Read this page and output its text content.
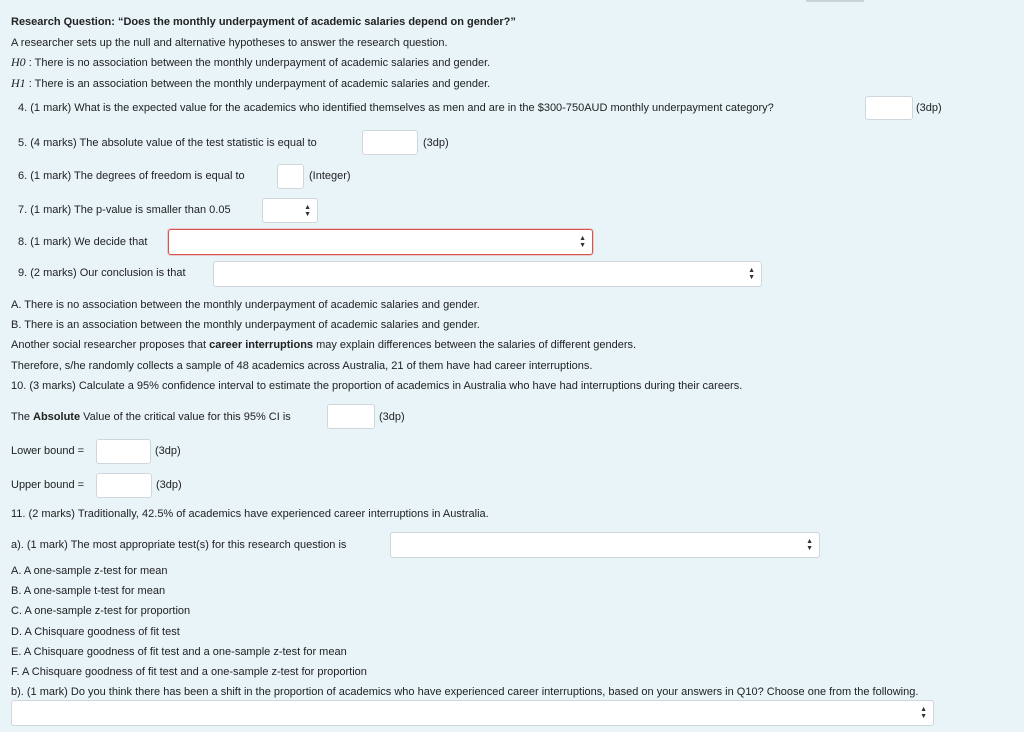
Research Question: “Does the monthly underpayment of academic salaries depend on gender?”
A researcher sets up the null and alternative hypotheses to answer the research question.
H0 : There is no association between the monthly underpayment of academic salaries and gender.
H1 : There is an association between the monthly underpayment of academic salaries and gender.
4. (1 mark) What is the expected value for the academics who identified themselves as men and are in the $300-750AUD monthly underpayment category?	(3dp)
5. (4 marks) The absolute value of the test statistic is equal to	(3dp)
6. (1 mark) The degrees of freedom is equal to	(Integer)
7. (1 mark) The p-value is smaller than 0.05	▲
▼
8. (1 mark) We decide that	▲
▼
9. (2 marks) Our conclusion is that	▲
▼
A. There is no association between the monthly underpayment of academic salaries and gender.
B. There is an association between the monthly underpayment of academic salaries and gender.
Another social researcher proposes that career interruptions may explain differences between the salaries of different genders.
Therefore, s/he randomly collects a sample of 48 academics across Australia, 21 of them have had career interruptions.
10. (3 marks) Calculate a 95% confidence interval to estimate the proportion of academics in Australia who have had interruptions during their careers.
The Absolute Value of the critical value for this 95% CI is	(3dp)
Lower bound =	(3dp)
Upper bound =	(3dp)
11. (2 marks) Traditionally, 42.5% of academics have experienced career interruptions in Australia.
a). (1 mark) The most appropriate test(s) for this research question is	▲
▼
A. A one-sample z-test for mean
B. A one-sample t-test for mean
C. A one-sample z-test for proportion
D. A Chisquare goodness of fit test
E. A Chisquare goodness of fit test and a one-sample z-test for mean
F. A Chisquare goodness of fit test and a one-sample z-test for proportion
b). (1 mark) Do you think there has been a shift in the proportion of academics who have experienced career interruptions, based on your answers in Q10? Choose one from the following.
▲
▼
